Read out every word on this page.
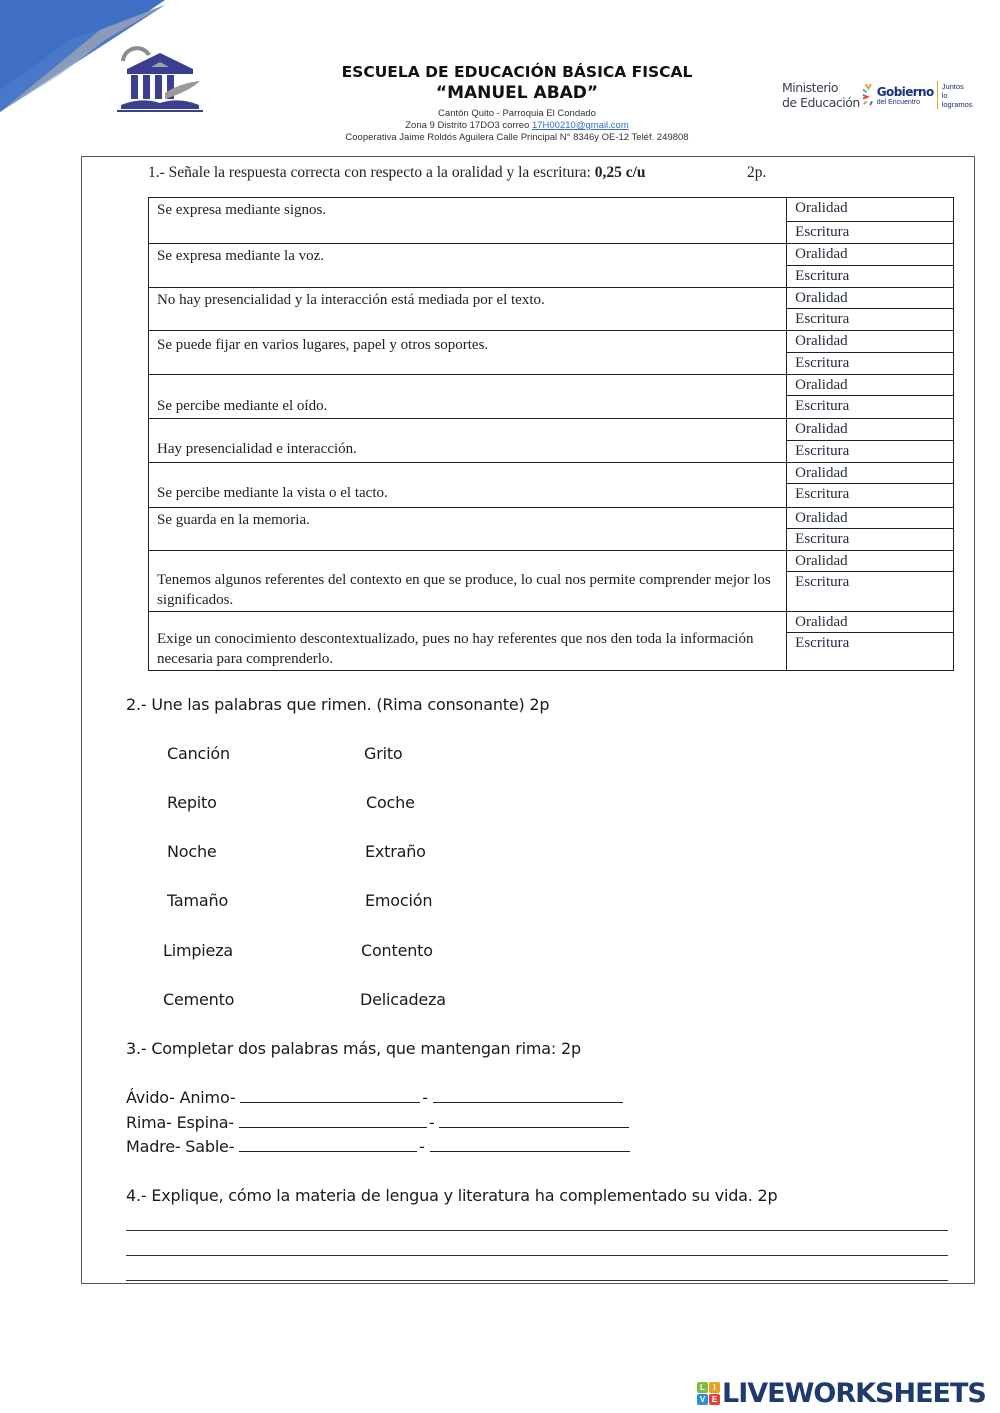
ESCUELA DE EDUCACIÓN BÁSICA FISCAL
“MANUEL ABAD”
Cantón Quito - Parroquia El Condado
Zona 9 Distrito 17DO3 correo 17H00210@gmail.com
Cooperativa Jaime Roldós Aguilera Calle Principal N° 8346y OE-12 Teléf. 249808
Ministerio
de Educación
Gobierno
del Encuentro
Juntos
lo logramos
1.- Señale la respuesta correcta con respecto a la oralidad y la escritura: 0,25 c/u	2p.
Se expresa mediante signos.	Oralidad
Escritura

Se expresa mediante la voz.	Oralidad
Escritura

No hay presencialidad y la interacción está mediada por el texto.	Oralidad
Escritura

Se puede fijar en varios lugares, papel y otros soportes.	Oralidad
Escritura

Se percibe mediante el oído.	Oralidad
Escritura

Hay presencialidad e interacción.	Oralidad
Escritura

Se percibe mediante la vista o el tacto.	Oralidad
Escritura

Se guarda en la memoria.	Oralidad
Escritura

Tenemos algunos referentes del contexto en que se produce, lo cual nos permite comprender mejor los significados.	Oralidad
Escritura

Exige un conocimiento descontextualizado, pues no hay referentes que nos den toda la información necesaria para comprenderlo.	Oralidad
Escritura
2.- Une las palabras que rimen. (Rima consonante) 2p
Canción	Grito
Repito	Coche
Noche	Extraño
Tamaño	Emoción
Limpieza	Contento
Cemento	Delicadeza
3.- Completar dos palabras más, que mantengan rima: 2p
Ávido- Animo-	-
Rima- Espina-	-
Madre- Sable-	-
4.- Explique, cómo la materia de lengua y literatura ha complementado su vida. 2p
L	I
V E LIVEWORKSHEETS
